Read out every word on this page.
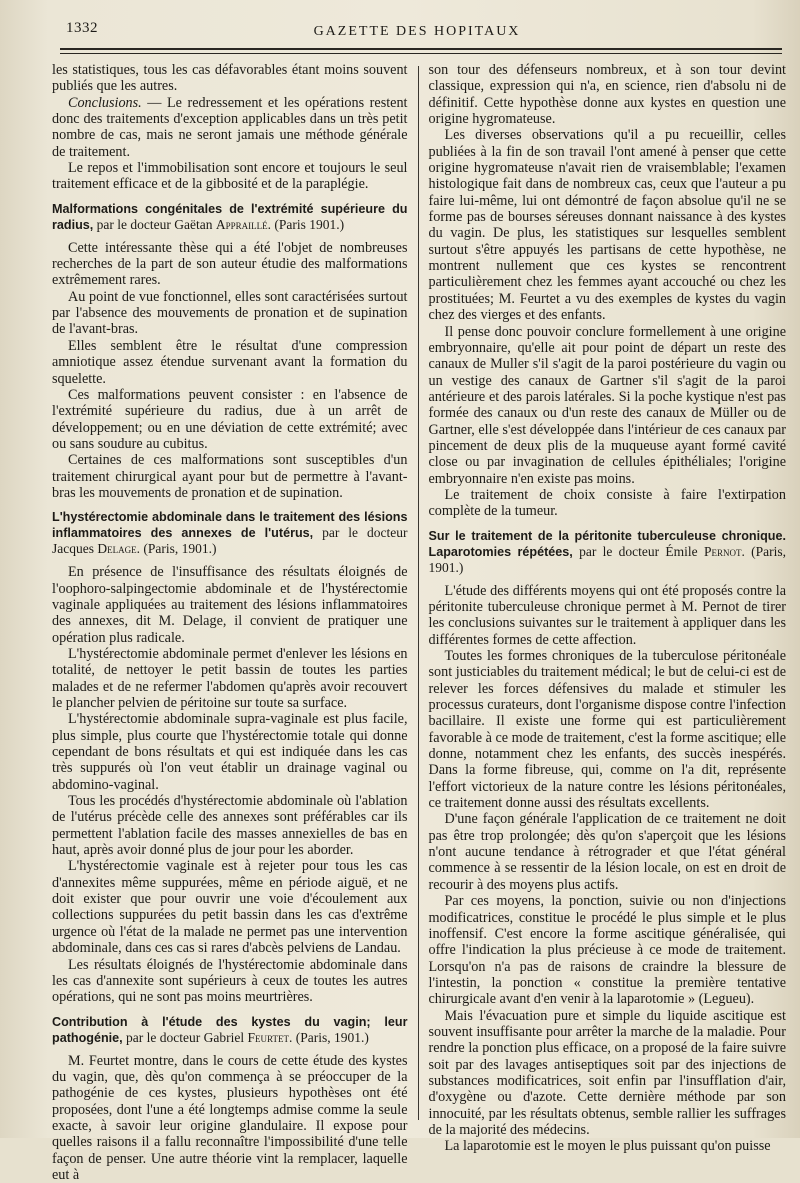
1332	GAZETTE DES HOPITAUX

les statistiques, tous les cas défavorables étant moins souvent publiés que les autres.

Conclusions. — Le redressement et les opérations restent donc des traitements d'exception applicables dans un très petit nombre de cas, mais ne seront jamais une méthode générale de traitement.

Le repos et l'immobilisation sont encore et toujours le seul traitement efficace et de la gibbosité et de la paraplégie.

Malformations congénitales de l'extrémité supérieure du radius, par le docteur Gaëtan Appraillé. (Paris 1901.)

Cette intéressante thèse qui a été l'objet de nombreuses recherches de la part de son auteur étudie des malformations extrêmement rares.

Au point de vue fonctionnel, elles sont caractérisées surtout par l'absence des mouvements de pronation et de supination de l'avant-bras.

Elles semblent être le résultat d'une compression amniotique assez étendue survenant avant la formation du squelette.

Ces malformations peuvent consister : en l'absence de l'extrémité supérieure du radius, due à un arrêt de développement; ou en une déviation de cette extrémité; avec ou sans soudure au cubitus.

Certaines de ces malformations sont susceptibles d'un traitement chirurgical ayant pour but de permettre à l'avant-bras les mouvements de pronation et de supination.

L'hystérectomie abdominale dans le traitement des lésions inflammatoires des annexes de l'utérus, par le docteur Jacques Delage. (Paris, 1901.)

En présence de l'insuffisance des résultats éloignés de l'oophoro-salpingectomie abdominale et de l'hystérectomie vaginale appliquées au traitement des lésions inflammatoires des annexes, dit M. Delage, il convient de pratiquer une opération plus radicale.

L'hystérectomie abdominale permet d'enlever les lésions en totalité, de nettoyer le petit bassin de toutes les parties malades et de ne refermer l'abdomen qu'après avoir recouvert le plancher pelvien de péritoine sur toute sa surface.

L'hystérectomie abdominale supra-vaginale est plus facile, plus simple, plus courte que l'hystérectomie totale qui donne cependant de bons résultats et qui est indiquée dans les cas très suppurés où l'on veut établir un drainage vaginal ou abdomino-vaginal.

Tous les procédés d'hystérectomie abdominale où l'ablation de l'utérus précède celle des annexes sont préférables car ils permettent l'ablation facile des masses annexielles de bas en haut, après avoir donné plus de jour pour les aborder.

L'hystérectomie vaginale est à rejeter pour tous les cas d'annexites même suppurées, même en période aiguë, et ne doit exister que pour ouvrir une voie d'écoulement aux collections suppurées du petit bassin dans les cas d'extrême urgence où l'état de la malade ne permet pas une intervention abdominale, dans ces cas si rares d'abcès pelviens de Landau.

Les résultats éloignés de l'hystérectomie abdominale dans les cas d'annexite sont supérieurs à ceux de toutes les autres opérations, qui ne sont pas moins meurtrières.

Contribution à l'étude des kystes du vagin; leur pathogénie, par le docteur Gabriel Feurtet. (Paris, 1901.)

M. Feurtet montre, dans le cours de cette étude des kystes du vagin, que, dès qu'on commença à se préoccuper de la pathogénie de ces kystes, plusieurs hypothèses ont été proposées, dont l'une a été longtemps admise comme la seule exacte, à savoir leur origine glandulaire. Il expose pour quelles raisons il a fallu reconnaître l'impossibilité d'une telle façon de penser. Une autre théorie vint la remplacer, laquelle eut à

son tour des défenseurs nombreux, et à son tour devint classique, expression qui n'a, en science, rien d'absolu ni de définitif. Cette hypothèse donne aux kystes en question une origine hygromateuse.

Les diverses observations qu'il a pu recueillir, celles publiées à la fin de son travail l'ont amené à penser que cette origine hygromateuse n'avait rien de vraisemblable; l'examen histologique fait dans de nombreux cas, ceux que l'auteur a pu faire lui-même, lui ont démontré de façon absolue qu'il ne se forme pas de bourses séreuses donnant naissance à des kystes du vagin. De plus, les statistiques sur lesquelles semblent surtout s'être appuyés les partisans de cette hypothèse, ne montrent nullement que ces kystes se rencontrent particulièrement chez les femmes ayant accouché ou chez les prostituées; M. Feurtet a vu des exemples de kystes du vagin chez des vierges et des enfants.

Il pense donc pouvoir conclure formellement à une origine embryonnaire, qu'elle ait pour point de départ un reste des canaux de Muller s'il s'agit de la paroi postérieure du vagin ou un vestige des canaux de Gartner s'il s'agit de la paroi antérieure et des parois latérales. Si la poche kystique n'est pas formée des canaux ou d'un reste des canaux de Müller ou de Gartner, elle s'est développée dans l'intérieur de ces canaux par pincement de deux plis de la muqueuse ayant formé cavité close ou par invagination de cellules épithéliales; l'origine embryonnaire n'en existe pas moins.

Le traitement de choix consiste à faire l'extirpation complète de la tumeur.

Sur le traitement de la péritonite tuberculeuse chronique. Laparotomies répétées, par le docteur Émile Pernot. (Paris, 1901.)

L'étude des différents moyens qui ont été proposés contre la péritonite tuberculeuse chronique permet à M. Pernot de tirer les conclusions suivantes sur le traitement à appliquer dans les différentes formes de cette affection.

Toutes les formes chroniques de la tuberculose péritonéale sont justiciables du traitement médical; le but de celui-ci est de relever les forces défensives du malade et stimuler les processus curateurs, dont l'organisme dispose contre l'infection bacillaire. Il existe une forme qui est particulièrement favorable à ce mode de traitement, c'est la forme ascitique; elle donne, notamment chez les enfants, des succès inespérés. Dans la forme fibreuse, qui, comme on l'a dit, représente l'effort victorieux de la nature contre les lésions péritonéales, ce traitement donne aussi des résultats excellents.

D'une façon générale l'application de ce traitement ne doit pas être trop prolongée; dès qu'on s'aperçoit que les lésions n'ont aucune tendance à rétrograder et que l'état général commence à se ressentir de la lésion locale, on est en droit de recourir à des moyens plus actifs.

Par ces moyens, la ponction, suivie ou non d'injections modificatrices, constitue le procédé le plus simple et le plus inoffensif. C'est encore la forme ascitique généralisée, qui offre l'indication la plus précieuse à ce mode de traitement. Lorsqu'on n'a pas de raisons de craindre la blessure de l'intestin, la ponction « constitue la première tentative chirurgicale avant d'en venir à la laparotomie » (Legueu).

Mais l'évacuation pure et simple du liquide ascitique est souvent insuffisante pour arrêter la marche de la maladie. Pour rendre la ponction plus efficace, on a proposé de la faire suivre soit par des lavages antiseptiques soit par des injections de substances modificatrices, soit enfin par l'insufflation d'air, d'oxygène ou d'azote. Cette dernière méthode par son innocuité, par les résultats obtenus, semble rallier les suffrages de la majorité des médecins.

La laparotomie est le moyen le plus puissant qu'on puisse
